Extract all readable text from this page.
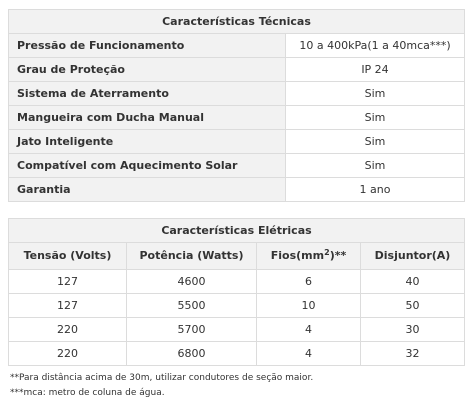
Características Técnicas	
Pressão de Funcionamento	10 a 400kPa(1 a 40mca***)
Grau de Proteção	IP 24
Sistema de Aterramento	Sim
Mangueira com Ducha Manual	Sim
Jato Inteligente	Sim
Compatível com Aquecimento Solar	Sim
Garantia	1 ano
Características Elétricas			
Tensão (Volts)	Potência (Watts)	$Fios(mm^2)**$	Disjuntor(A)
127	4600	6	40
127	5500	10	50
220	5700	4	30
220	6800	4	32
**Para distância acima de 30m, utilizar condutores de seção maior.
***mca: metro de coluna de água.
